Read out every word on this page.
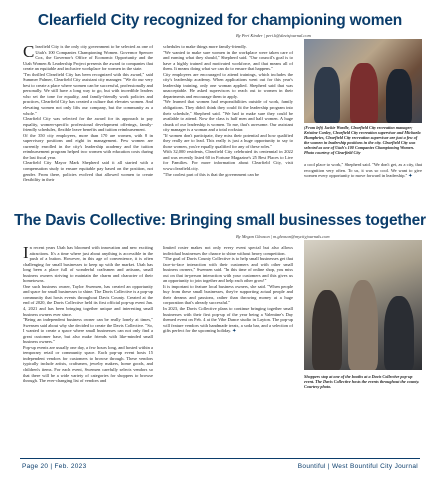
Clearfield City recognized for championing women
By Peri Kinder | peri.k@davisjournal.com
C learfield City is the only city government to be selected as one of Utah's 100 Companies Championing Women. Governor Spencer Cox, the Governor's Office of Economic Opportunity and the Utah Women & Leadership Project presents the award to companies that create an equitable and inclusive workplace for women in the state.

"I'm thrilled Clearfield City has been recognized with this award," said Summer Palmer, Clearfield City assistant city manager. "We do our very best to create a place where women can be successful, professionally and personally. We still have a long way to go, but with incredible leaders who set the tone for equality, and family-friendly work policies and practices, Clearfield City has created a culture that elevates women. And elevating women not only lifts our company, but the community as a whole."

Clearfield City was selected for the award for its approach to pay equality, women-specific professional development offerings, family-friendly schedules, flexible leave benefits and tuition reimbursement.

Of the 350 city employees, more than 170 are women, with 8 in supervisory positions and eight in management. Few women are currently enrolled in the city's leadership academy and the tuition reimbursement program helped two women with education costs during the last fiscal year.

Clearfield City Mayor Mark Shepherd said it all started with a compensation study to ensure equitable pay based on the position, not gender. From there, policies evolved that allowed women to create flexibility in their

schedules to make things more family-friendly.

"We wanted to make sure women in the workplace were taken care of and earning what they should," Shepherd said. "Our council's goal is to have a highly trained and motivated workforce, and that means all of them. It means doing what we can do to ensure that happens."

City employees are encouraged to attend trainings, which includes the city's leadership academy. When applications went out for this year's leadership training, only one woman applied. Shepherd said that was unacceptable. He asked supervisors to reach out to women in their departments and encourage them to apply.

"We learned that women had responsibilities outside of work, family obligations. They didn't think they could fit the leadership program into their schedule," Shepherd said. "We had to make sure they could be available to attend. Now the class is half men and half women. A huge chunk of our leadership is women. To me, that's awesome. Our assistant city manager is a woman and a total rockstar.

"If women don't participate, they miss their potential and how qualified they really are to lead. This really is just a huge opportunity to say to those women, you're equally qualified for any of these roles."

With 32,000 residents, Clearfield City celebrated its centennial in 2022 and was recently listed 60 in Fortune Magazine's 25 Best Places to Live for Families. For more information about Clearfield City, visit www.clearfield.city.

"The coolest part of this is that the government can be

(From left) Jackie Wardle, Clearfield City recreation manager; Kristine Conley, Clearfield City recreation supervisor and Michaela Humphries, Clearfield City recreation supervisor are just a few of the women in leadership positions in the city. Clearfield City was selected as one of Utah's 100 Companies Championing Women. Photo courtesy of Clearfield City

a cool place to work," Shepherd said. "We don't get, as a city, that recognition very often. To us, it was so cool. We want to give women every opportunity to move forward in leadership." ✦

The Davis Collective: Bringing small businesses together
By Megan Gleason | m.gleason@mycityjournals.com
I n recent years Utah has bloomed with innovation and new exciting attractions. It's a time where just about anything is accessible in the push of a button. However, in this age of convenience, it is often challenging for small businesses to keep up with the market. Utah has long been a place full of wonderful craftsmen and artisans, small business owners striving to maintain the charm and character of their hometowns.

One such business owner, Taylor Swensen, has created an opportunity and space for small businesses to shine. The Davis Collective is a pop-up community that hosts events throughout Davis County. Created at the end of 2020, the Davis Collective held its first official pop-up event Jan. 4, 2021 and has been bringing together unique and interesting small business owners ever since.

"Being an independent business owner can be really lonely at times," Swensen said about why she decided to create the Davis Collective. "So, I wanted to create a space where small businesses can not only find a great customer base, but also make friends with like-minded small business owners."

Pop-up events are usually one day, a few hours long, and hosted within a temporary retail or community space. Each pop-up event hosts 15 independent vendors for customers to browse through. These vendors typically include artists, craftsmen, jewelry makers, home goods, and children's items. For each event, Swensen carefully selects vendors so that there will be a wide variety of categories for shoppers to browse through. The ever-changing list of vendors and

limited roster makes not only every event special but also allows individual businesses the chance to shine without heavy competition.

"The goal of Davis County Collective is to help small businesses get that face-to-face interaction with their customers and with other small business owners," Swensen said. "In this time of online shop, you miss out on that in-person interaction with your customers and this gives us an opportunity to join together and help each other grow!"

It is important to feature local business owners, she said. "When people buy from these small businesses, they're supporting actual people and their dreams and passions, rather than throwing money at a huge corporation that's already successful."

In 2023, the Davis Collective plans to continue bringing together small businesses with their first pop-up of the year being a Valentine's Day themed event on Feb. 4 at the Vibe Dance studio in Layton. The pop-up will feature vendors with handmade treats, a soda bar, and a selection of gifts perfect for the upcoming holiday. ✦

Shoppers stop at one of the booths at a Davis Collective pop-up event. The Davis Collective hosts the events throughout the county. Courtesy photo.
Page 20 | Feb. 2023	Bountiful | West Bountiful City Journal
